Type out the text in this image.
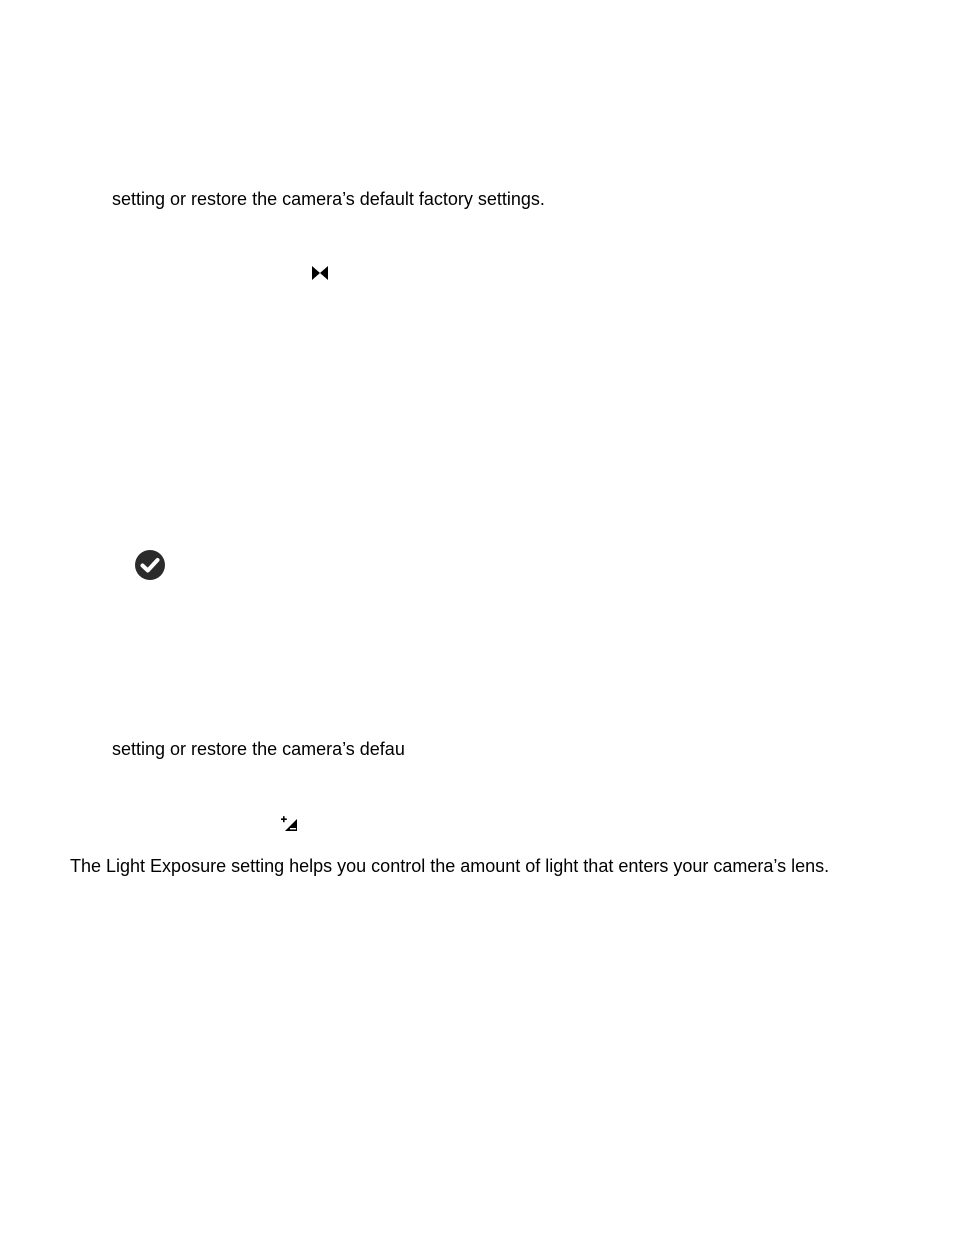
setting or restore the camera’s default factory settings.
setting or restore the camera’s defau
The Light Exposure setting helps you control the amount of light that enters your camera’s lens.
